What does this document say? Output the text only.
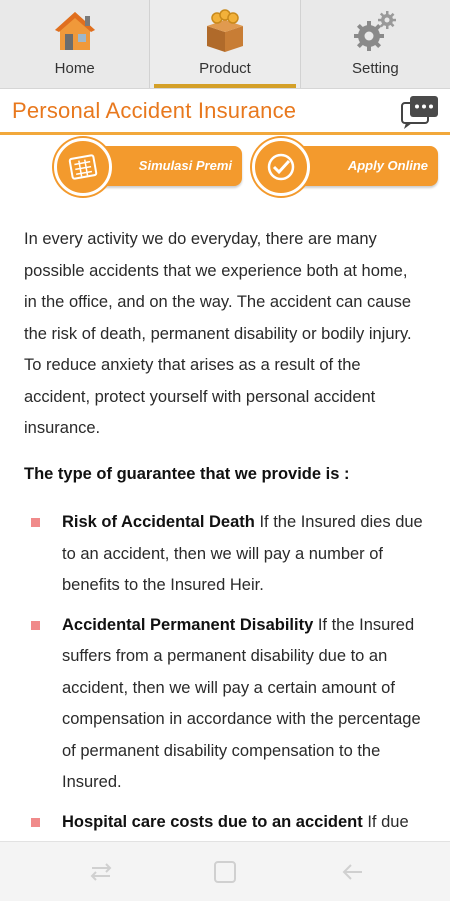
Home	Product	Setting
Personal Accident Insurance
Simulasi Premi	Apply Online

In every activity we do everyday, there are many possible accidents that we experience both at home, in the office, and on the way. The accident can cause the risk of death, permanent disability or bodily injury. To reduce anxiety that arises as a result of the accident, protect yourself with personal accident insurance.

The type of guarantee that we provide is :

Risk of Accidental Death If the Insured dies due to an accident, then we will pay a number of benefits to the Insured Heir.
Accidental Permanent Disability If the Insured suffers from a permanent disability due to an accident, then we will pay a certain amount of compensation in accordance with the percentage of permanent disability compensation to the Insured.
Hospital care costs due to an accident If due
